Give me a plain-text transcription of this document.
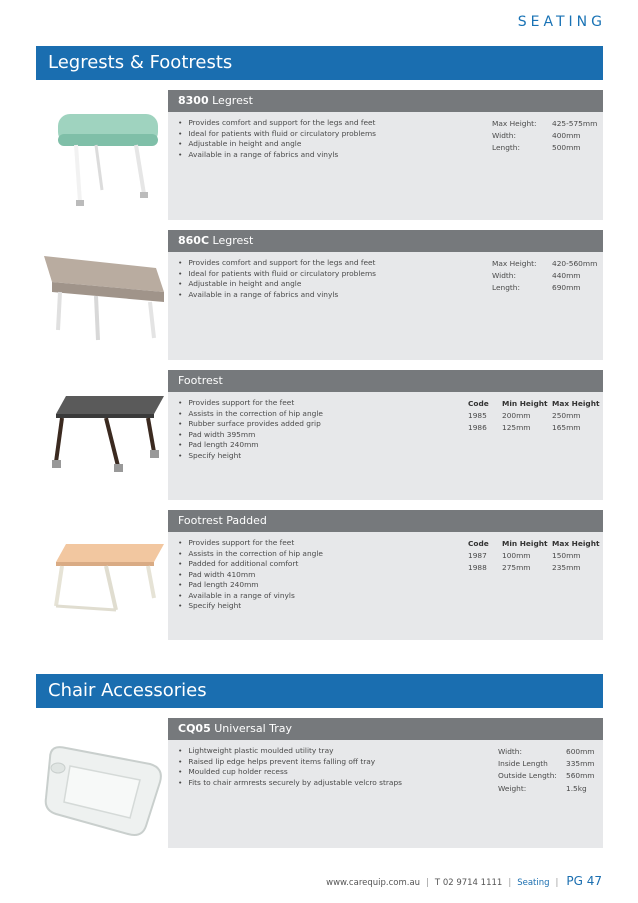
SEATING
Legrests & Footrests
8300 Legrest
• Provides comfort and support for the legs and feet
• Ideal for patients with fluid or circulatory problems
• Adjustable in height and angle
• Available in a range of fabrics and vinyls
Max Height:	425-575mm
Width:	400mm
Length:	500mm
860C Legrest
• Provides comfort and support for the legs and feet
• Ideal for patients with fluid or circulatory problems
• Adjustable in height and angle
• Available in a range of fabrics and vinyls
Max Height:	420-560mm
Width:	440mm
Length:	690mm
Footrest
• Provides support for the feet
• Assists in the correction of hip angle
• Rubber surface provides added grip
• Pad width 395mm
• Pad length 240mm
• Specify height
Code	Min Height Max Height
1985	200mm	250mm
1986	125mm	165mm
Footrest Padded
• Provides support for the feet
• Assists in the correction of hip angle
• Padded for additional comfort
• Pad width 410mm
• Pad length 240mm
• Available in a range of vinyls
• Specify height
Code	Min Height Max Height
1987	100mm	150mm
1988	275mm	235mm
Chair Accessories
CQ05 Universal Tray
• Lightweight plastic moulded utility tray
• Raised lip edge helps prevent items falling off tray
• Moulded cup holder recess
• Fits to chair armrests securely by adjustable velcro straps
Width:	600mm
Inside Length	335mm
Outside Length:	560mm
Weight:	1.5kg
www.carequip.com.au | T 02 9714 1111 | Seating | PG 47
